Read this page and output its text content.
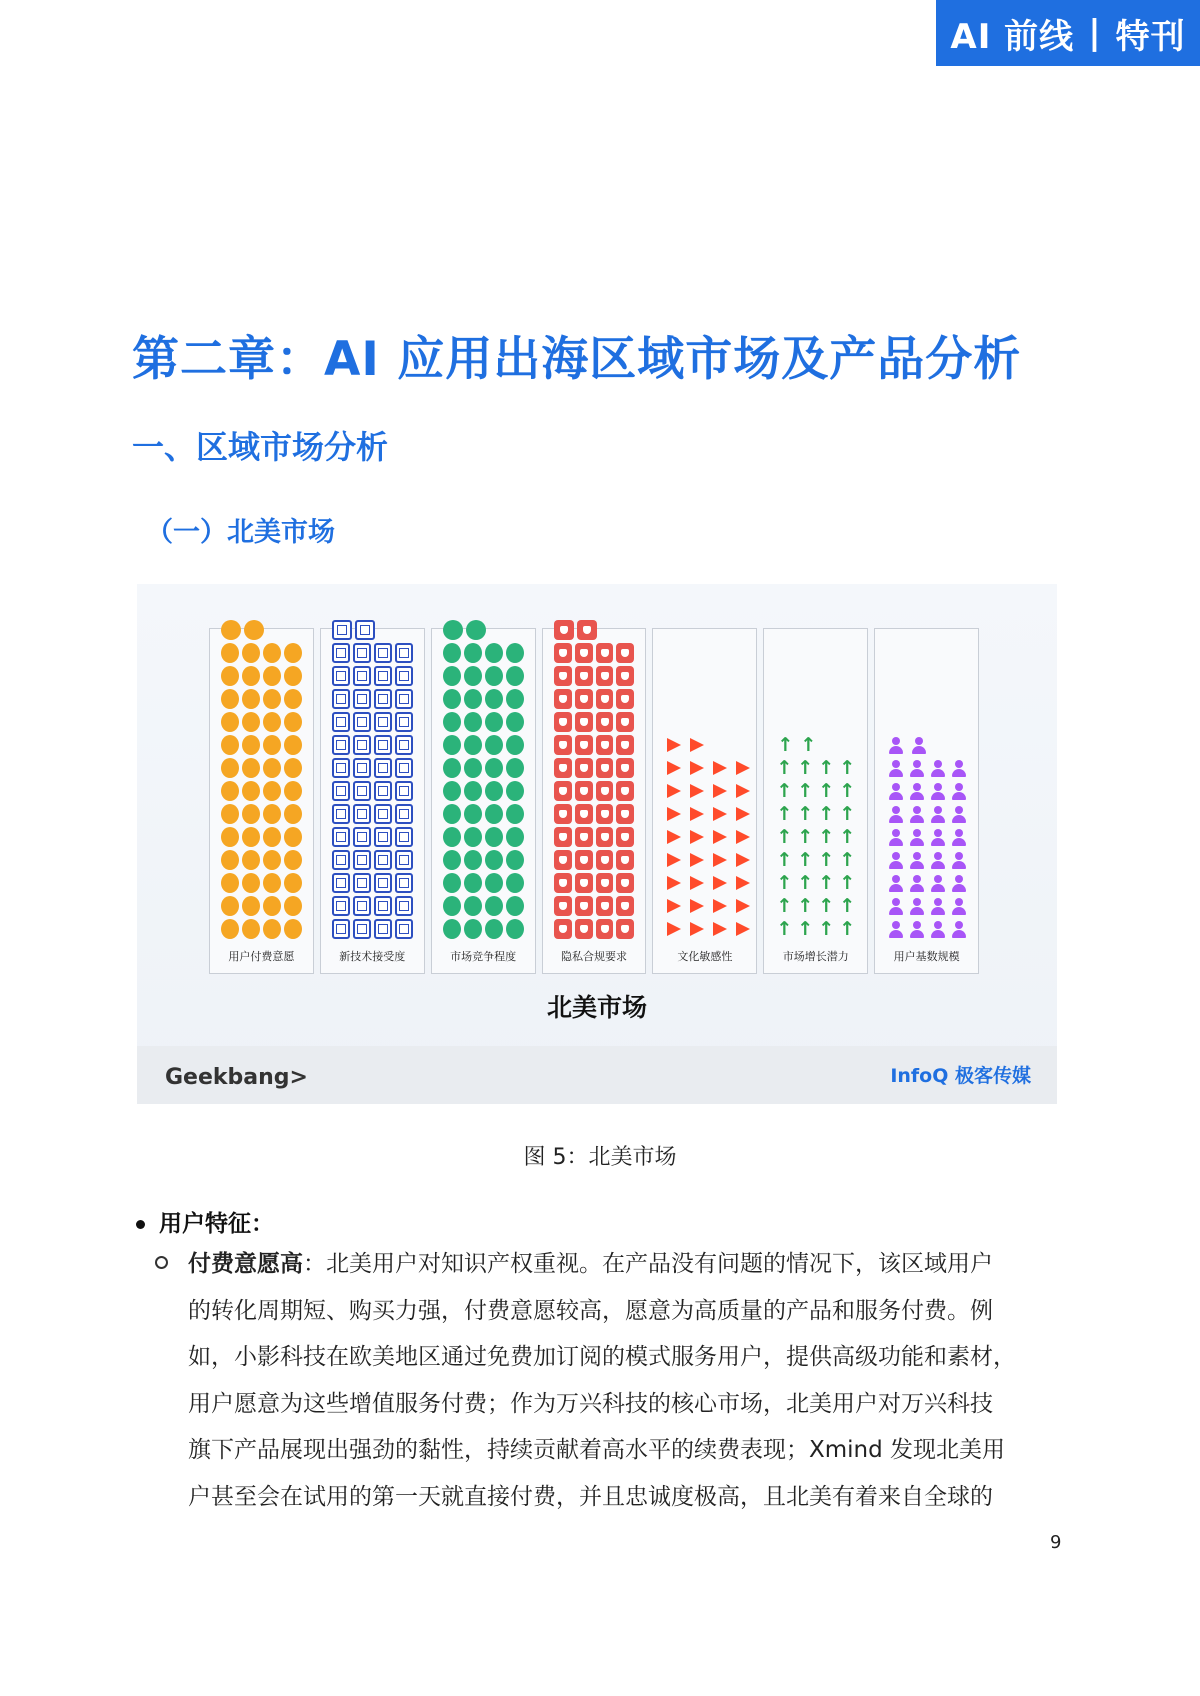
AI 前线 | 特刊
第二章：AI 应用出海区域市场及产品分析
一、区域市场分析
（一）北美市场
用户付费意愿	新技术接受度	市场竞争程度	隐私合规要求	文化敏感性
↑ ↑
↑ ↑ ↑ ↑
↑ ↑ ↑ ↑
↑ ↑ ↑ ↑
↑ ↑ ↑ ↑
↑ ↑ ↑ ↑
↑ ↑ ↑ ↑
↑ ↑ ↑ ↑
↑ ↑ ↑ ↑
市场增长潜力	用户基数规模
北美市场
Geekbang>	InfoQ 极客传媒
图 5：北美市场
用户特征：
付费意愿高：北美用户对知识产权重视。在产品没有问题的情况下，该区域用户
的转化周期短、购买力强，付费意愿较高，愿意为高质量的产品和服务付费。例
如，小影科技在欧美地区通过免费加订阅的模式服务用户，提供高级功能和素材，
用户愿意为这些增值服务付费；作为万兴科技的核心市场，北美用户对万兴科技
旗下产品展现出强劲的黏性，持续贡献着高水平的续费表现；Xmind 发现北美用
户甚至会在试用的第一天就直接付费，并且忠诚度极高，且北美有着来自全球的
9
